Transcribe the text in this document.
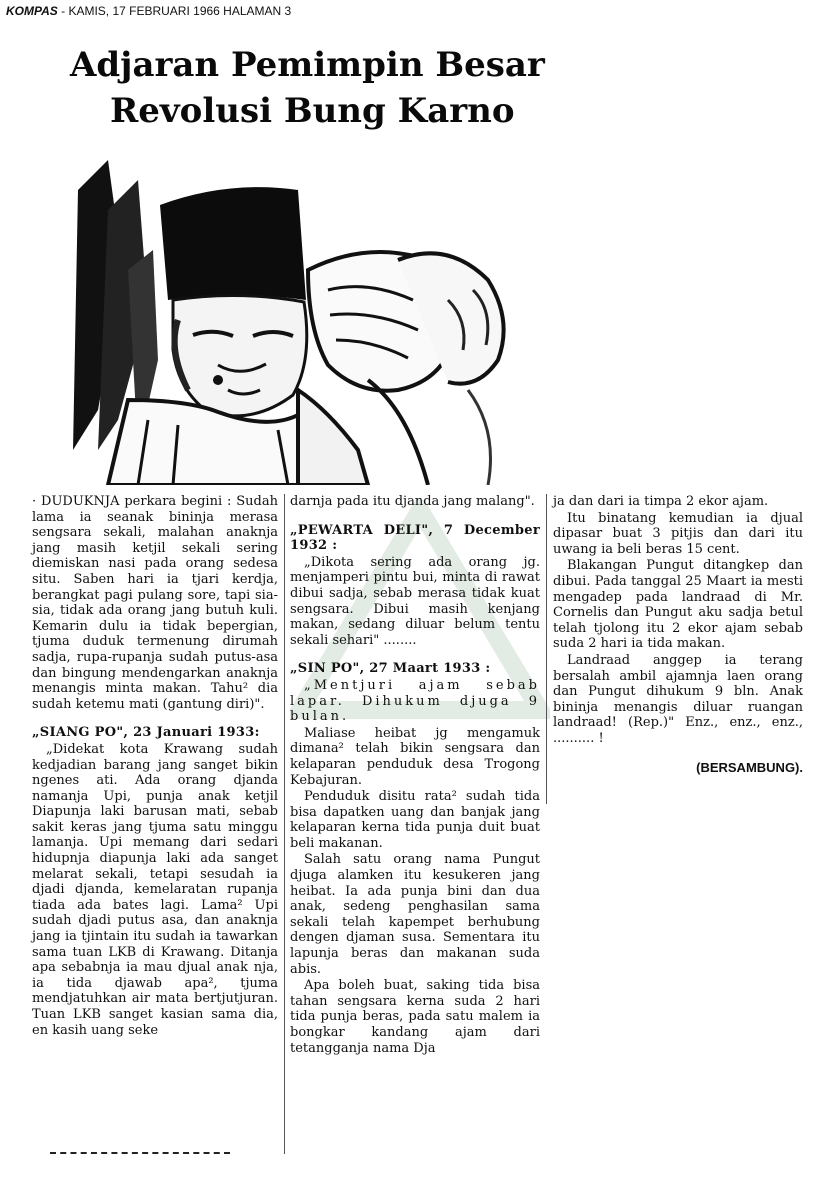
KOMPAS - KAMIS, 17 FEBRUARI 1966 HALAMAN 3
Adjaran Pemimpin Besar
Revolusi Bung Karno

· DUDUKNJA perkara begini : Sudah lama ia seanak bininja merasa sengsara sekali, malahan anaknja jang masih ketjil sekali sering diemiskan nasi pada orang sedesa situ. Saben hari ia tjari kerdja, berangkat pagi pulang sore, tapi sia-sia, tidak ada orang jang butuh kuli. Kemarin dulu ia tidak bepergian, tjuma duduk termenung dirumah sadja, rupa-rupanja sudah putus-asa dan bingung mendengarkan anaknja menangis minta makan. Tahu² dia sudah ketemu mati (gantung diri)".

„SIANG PO", 23 Januari 1933:

„Didekat kota Krawang sudah kedjadian barang jang sanget bikin ngenes ati. Ada orang djanda namanja Upi, punja anak ketjil Diapunja laki barusan mati, sebab sakit keras jang tjuma satu minggu lamanja. Upi memang dari sedari hidupnja diapunja laki ada sanget melarat sekali, tetapi sesudah ia djadi djanda, kemelaratan rupanja tiada ada bates lagi. Lama² Upi sudah djadi putus asa, dan anaknja jang ia tjintain itu sudah ia tawarkan sama tuan LKB di Krawang. Ditanja apa sebabnja ia mau djual anak nja, ia tida djawab apa², tjuma mendjatuhkan air mata bertjutjuran. Tuan LKB sanget kasian sama dia, en kasih uang seke

darnja pada itu djanda jang malang".

„PEWARTA DELI", 7 December 1932 :

„Dikota sering ada orang jg. menjamperi pintu bui, minta di rawat dibui sadja, sebab merasa tidak kuat sengsara. Dibui masih kenjang makan, sedang diluar belum tentu sekali sehari" ........

„SIN PO", 27 Maart 1933 :

„Mentjuri ajam sebab lapar. Dihukum djuga 9 bulan.

Maliase heibat jg mengamuk dimana² telah bikin sengsara dan kelaparan penduduk desa Trogong Kebajuran.

Penduduk disitu rata² sudah tida bisa dapatken uang dan banjak jang kelaparan kerna tida punja duit buat beli makanan.

Salah satu orang nama Pungut djuga alamken itu kesukeren jang heibat. Ia ada punja bini dan dua anak, sedeng penghasilan sama sekali telah kapempet berhubung dengen djaman susa. Sementara itu lapunja beras dan makanan suda abis.

Apa boleh buat, saking tida bisa tahan sengsara kerna suda 2 hari tida punja beras, pada satu malem ia bongkar kandang ajam dari tetangganja nama Dja

ja dan dari ia timpa 2 ekor ajam.

Itu binatang kemudian ia djual dipasar buat 3 pitjis dan dari itu uwang ia beli beras 15 cent.

Blakangan Pungut ditangkep dan dibui. Pada tanggal 25 Maart ia mesti mengadep pada landraad di Mr. Cornelis dan Pungut aku sadja betul telah tjolong itu 2 ekor ajam sebab suda 2 hari ia tida makan.

Landraad anggep ia terang bersalah ambil ajamnja laen orang dan Pungut dihukum 9 bln. Anak bininja menangis diluar ruangan landraad! (Rep.)" Enz., enz., enz., .......... !

(BERSAMBUNG).
